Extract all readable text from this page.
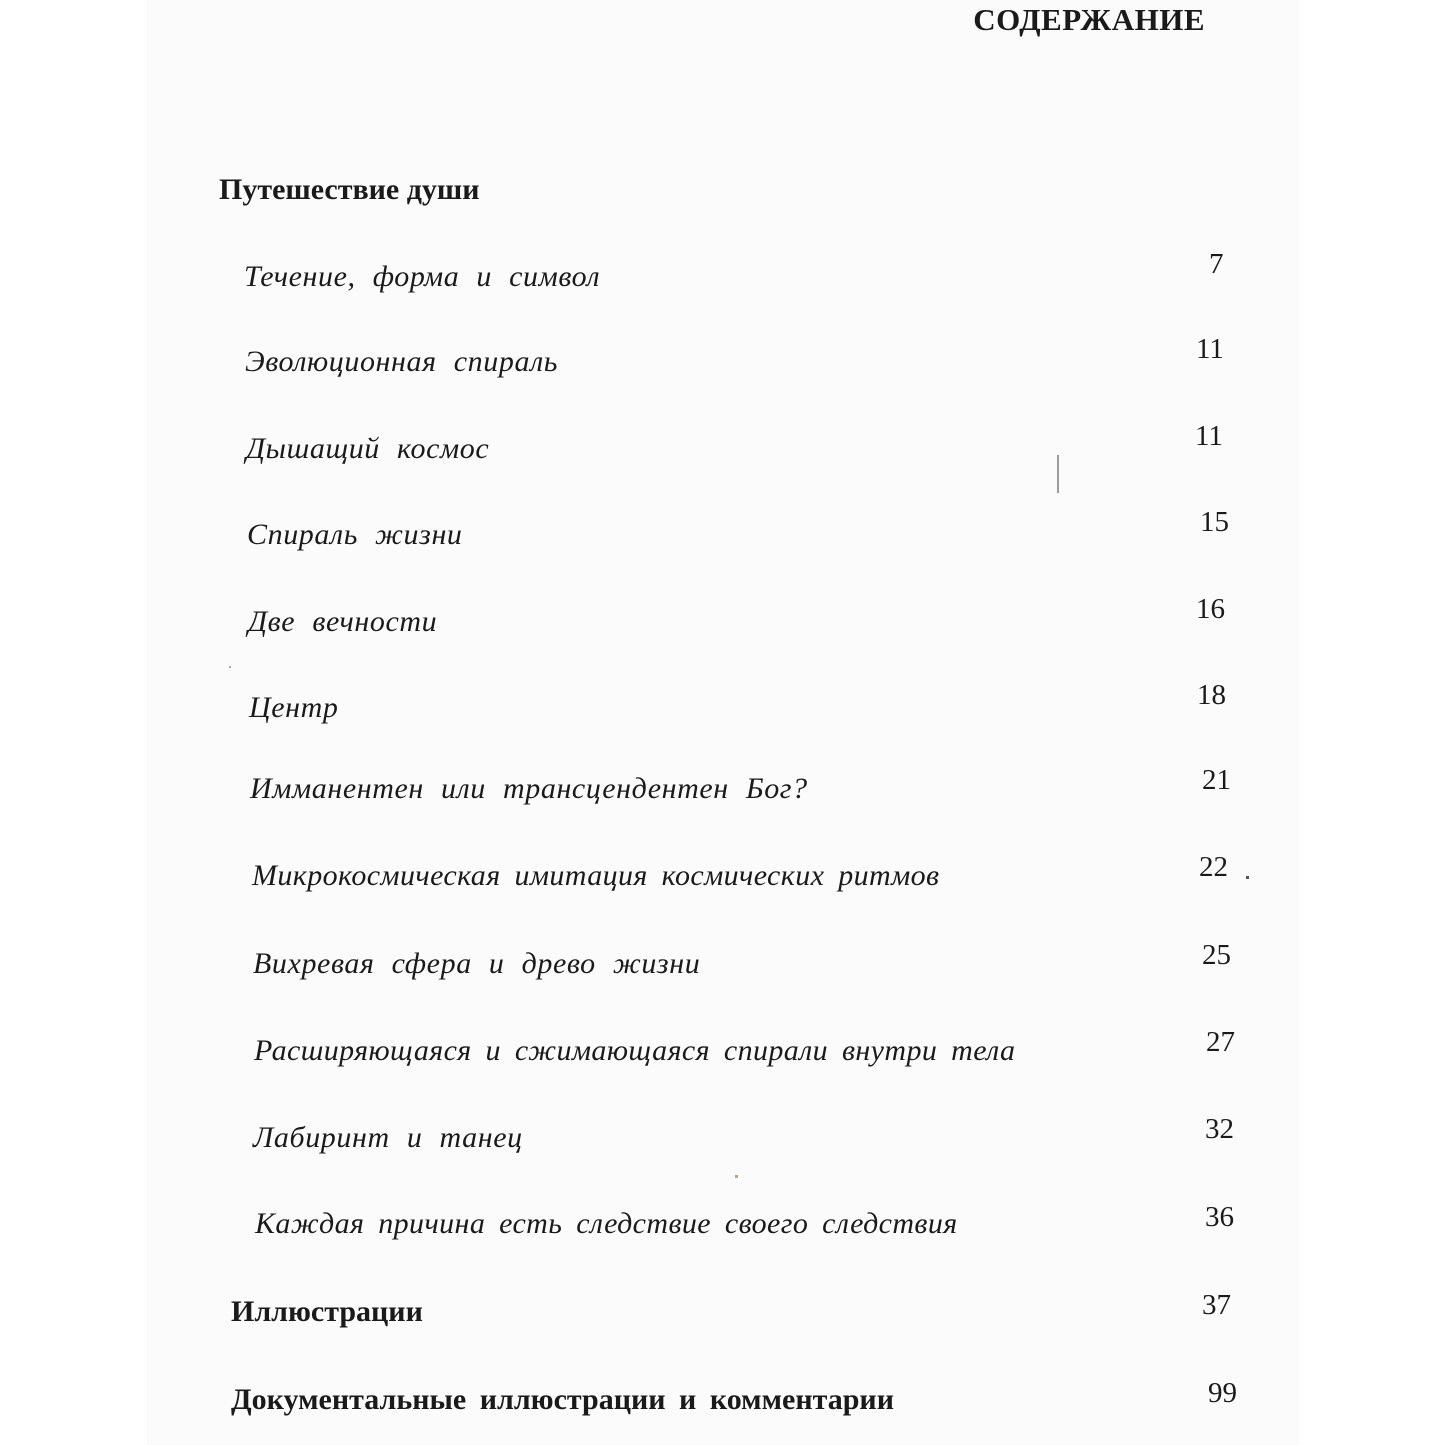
СОДЕРЖАНИЕ
Путешествие души
Течение, форма и символ	7
Эволюционная спираль	11
Дышащий космос	11
Спираль жизни	15
Две вечности	16
Центр	18
Имманентен или трансцендентен Бог?	21
Микрокосмическая имитация космических ритмов	22
Вихревая сфера и древо жизни	25
Расширяющаяся и сжимающаяся спирали внутри тела	27
Лабиринт и танец	32
Каждая причина есть следствие своего следствия	36
Иллюстрации	37
Документальные иллюстрации и комментарии	99
